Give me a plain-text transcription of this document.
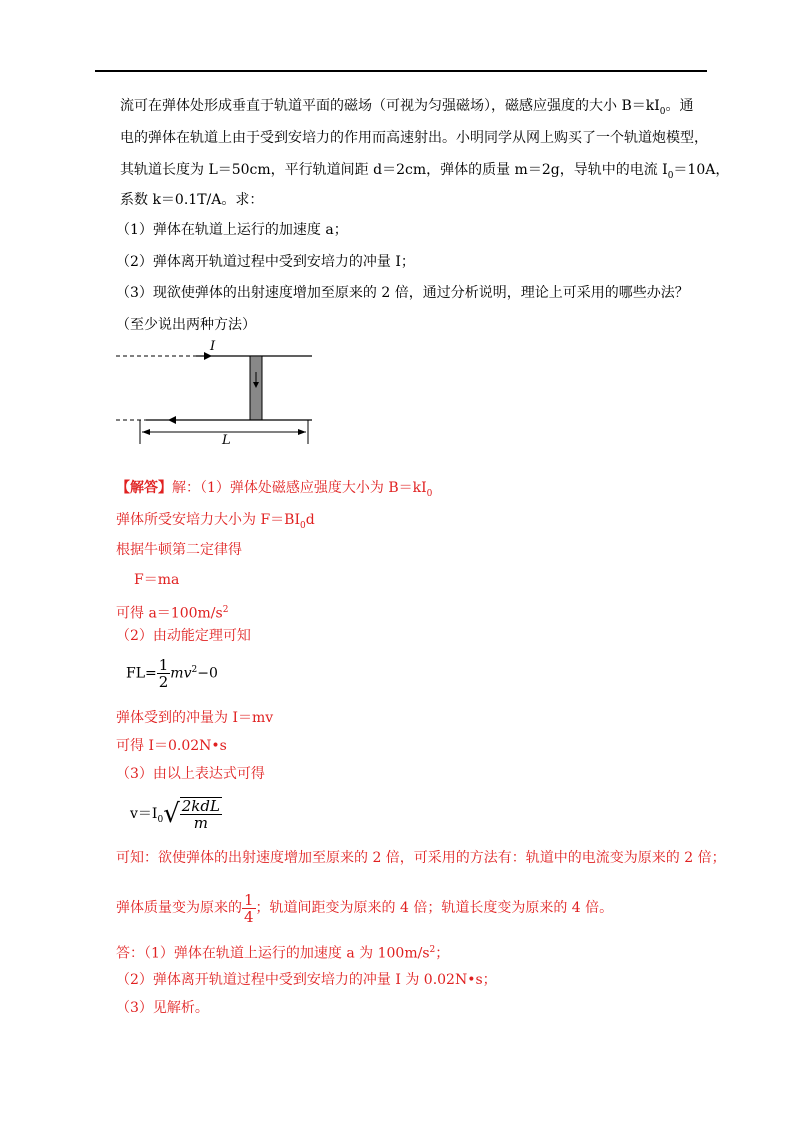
流可在弹体处形成垂直于轨道平面的磁场（可视为匀强磁场），磁感应强度的大小 $B=kI_0$。通
电的弹体在轨道上由于受到安培力的作用而高速射出。小明同学从网上购买了一个轨道炮模型，
其轨道长度为 L＝50cm，平行轨道间距 d＝2cm，弹体的质量 m＝2g，导轨中的电流 $I_0=10A$，
系数 k＝0.1T/A。求：
（1）弹体在轨道上运行的加速度 a；
（2）弹体离开轨道过程中受到安培力的冲量 I；
（3）现欲使弹体的出射速度增加至原来的 2 倍，通过分析说明，理论上可采用的哪些办法？
（至少说出两种方法）
I
L
【解答】解：（1）弹体处磁感应强度大小为 $B=kI_0$
弹体所受安培力大小为 $F=BI_0d$
根据牛顿第二定律得
F＝ma
可得 $a=100m/s^2$
（2）由动能定理可知
$FL= \frac{1}{2} mv^2-0$
弹体受到的冲量为 I＝mv
可得 I＝0.02N•s
（3）由以上表达式可得
$v=I_0√ \frac{\text{2kdL}}{m}$
可知：欲使弹体的出射速度增加至原来的 2 倍，可采用的方法有：轨道中的电流变为原来的 2 倍；
弹体质量变为原来的 $\frac{1}{4}$ ；轨道间距变为原来的 4 倍；轨道长度变为原来的 4 倍。
答：（1）弹体在轨道上运行的加速度 a 为 $100m/s^2$；
（2）弹体离开轨道过程中受到安培力的冲量 I 为 0.02N•s；
（3）见解析。
